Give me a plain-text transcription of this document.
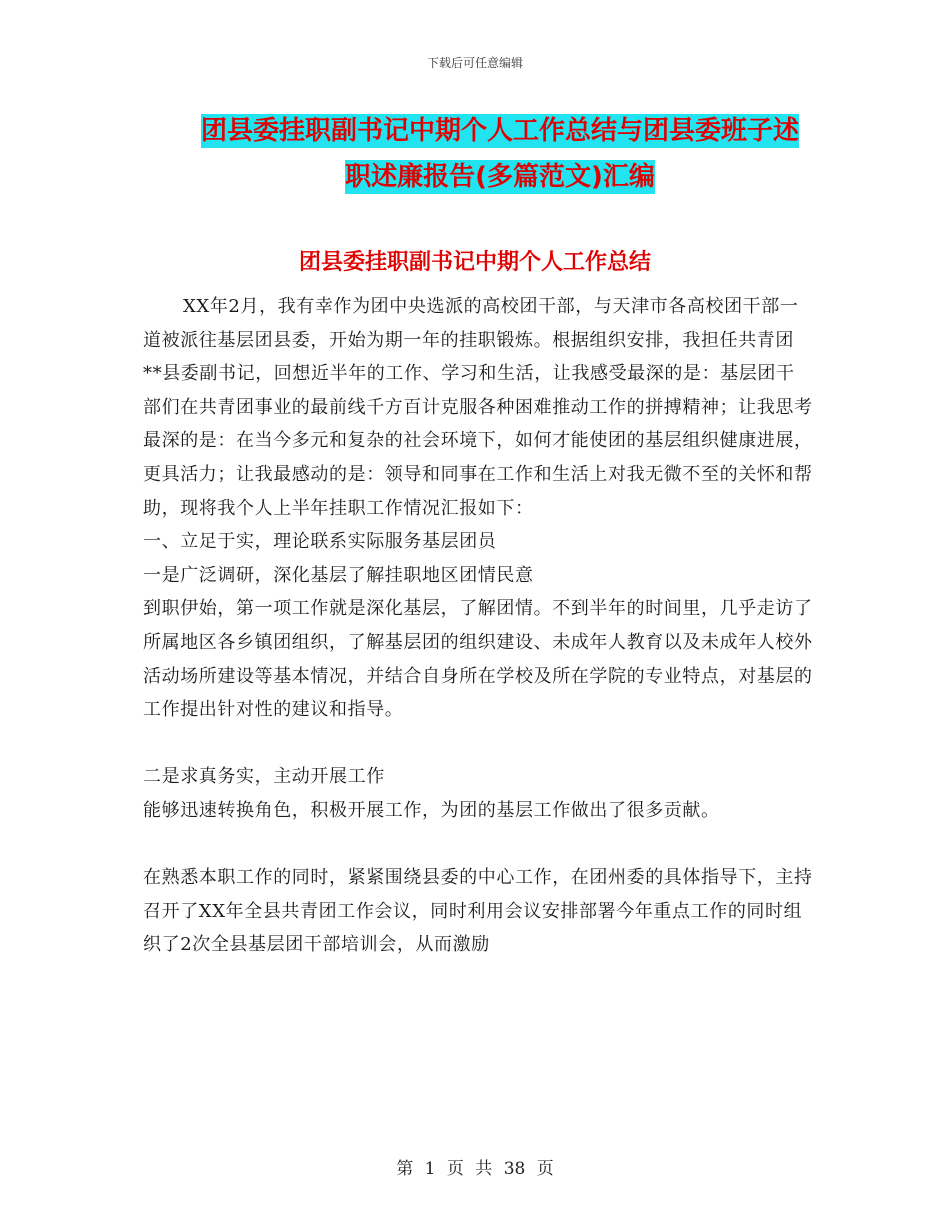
下载后可任意编辑
团县委挂职副书记中期个人工作总结与团县委班子述
职述廉报告(多篇范文)汇编
团县委挂职副书记中期个人工作总结

XX年2月，我有幸作为团中央选派的高校团干部，与天津市各高校团干部一道被派往基层团县委，开始为期一年的挂职锻炼。根据组织安排，我担任共青团**县委副书记，回想近半年的工作、学习和生活，让我感受最深的是：基层团干部们在共青团事业的最前线千方百计克服各种困难推动工作的拼搏精神；让我思考最深的是：在当今多元和复杂的社会环境下，如何才能使团的基层组织健康进展，更具活力；让我最感动的是：领导和同事在工作和生活上对我无微不至的关怀和帮助，现将我个人上半年挂职工作情况汇报如下：

一、立足于实，理论联系实际服务基层团员

一是广泛调研，深化基层了解挂职地区团情民意

到职伊始，第一项工作就是深化基层，了解团情。不到半年的时间里，几乎走访了所属地区各乡镇团组织，了解基层团的组织建设、未成年人教育以及未成年人校外活动场所建设等基本情况，并结合自身所在学校及所在学院的专业特点，对基层的工作提出针对性的建议和指导。

二是求真务实，主动开展工作

能够迅速转换角色，积极开展工作，为团的基层工作做出了很多贡献。

在熟悉本职工作的同时，紧紧围绕县委的中心工作，在团州委的具体指导下，主持召开了XX年全县共青团工作会议，同时利用会议安排部署今年重点工作的同时组织了2次全县基层团干部培训会，从而激励

第 1 页 共 38 页
